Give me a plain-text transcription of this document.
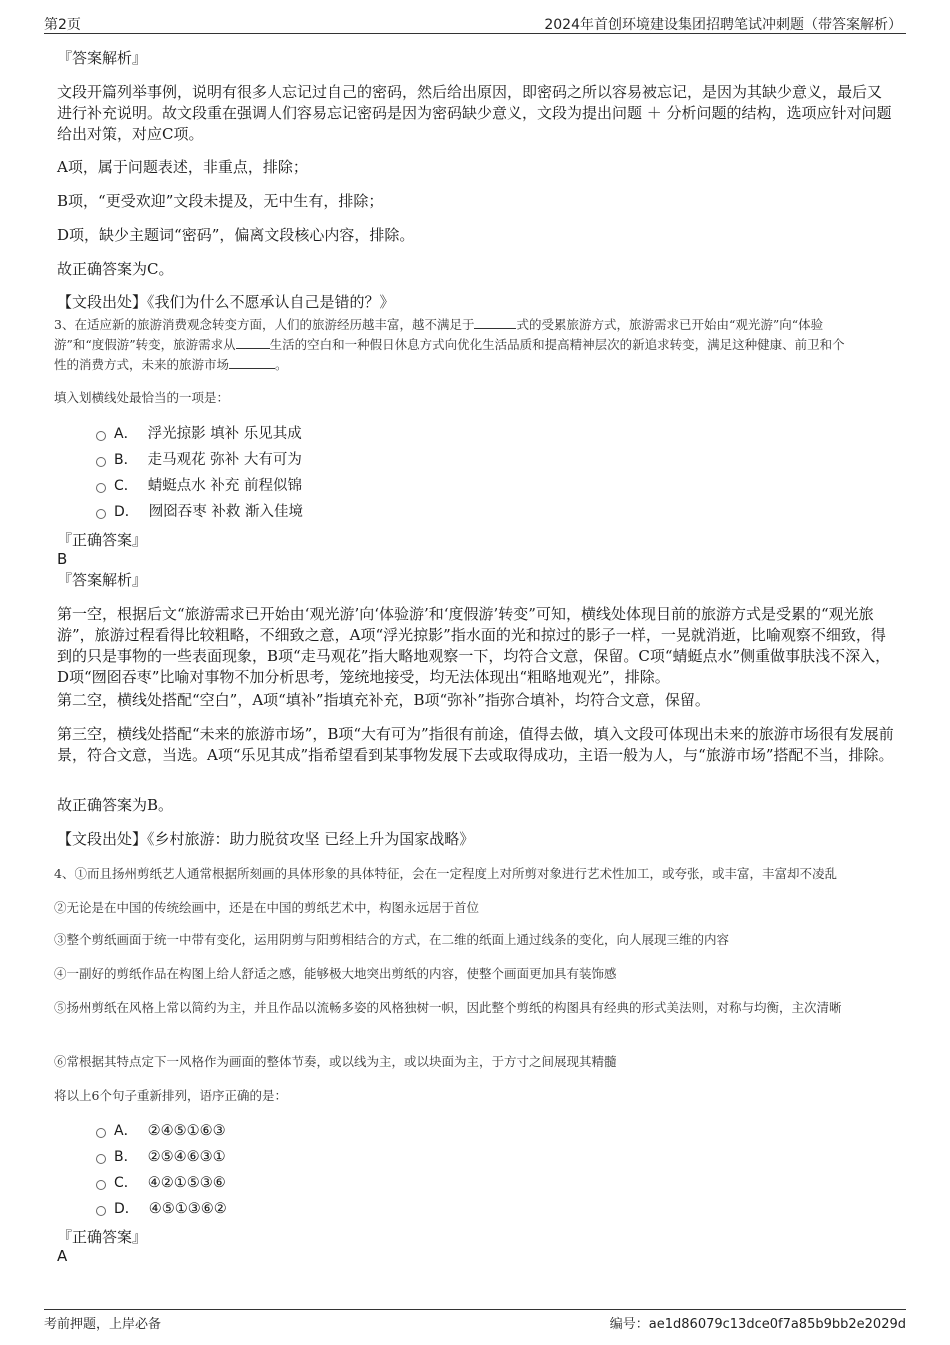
第2页	2024年首创环境建设集团招聘笔试冲刺题（带答案解析）
『答案解析』
文段开篇列举事例，说明有很多人忘记过自己的密码，然后给出原因，即密码之所以容易被忘记，是因为其缺少意义，最后又进行补充说明。故文段重在强调人们容易忘记密码是因为密码缺少意义，文段为提出问题 ＋ 分析问题的结构，选项应针对问题给出对策，对应C项。
A项，属于问题表述，非重点，排除；
B项，“更受欢迎”文段未提及，无中生有，排除；
D项，缺少主题词“密码”，偏离文段核心内容，排除。
故正确答案为C。
【文段出处】《我们为什么不愿承认自己是错的？》
3、在适应新的旅游消费观念转变方面，人们的旅游经历越丰富，越不满足于	式的受累旅游方式，旅游需求已开始由“观光游”向“体验
游”和“度假游”转变，旅游需求从	生活的空白和一种假日休息方式向优化生活品质和提高精神层次的新追求转变，满足这种健康、前卫和个
性的消费方式，未来的旅游市场	。
填入划横线处最恰当的一项是：
A． 浮光掠影 填补 乐见其成
B． 走马观花 弥补 大有可为
C． 蜻蜓点水 补充 前程似锦
D． 囫囵吞枣 补救 渐入佳境
『正确答案』
B
『答案解析』
第一空，根据后文“旅游需求已开始由‘观光游’向‘体验游’和‘度假游’转变”可知，横线处体现目前的旅游方式是受累的“观光旅游”，旅游过程看得比较粗略，不细致之意，A项“浮光掠影”指水面的光和掠过的影子一样，一晃就消逝，比喻观察不细致，得到的只是事物的一些表面现象，B项“走马观花”指大略地观察一下，均符合文意，保留。C项“蜻蜓点水”侧重做事肤浅不深入，D项“囫囵吞枣”比喻对事物不加分析思考，笼统地接受，均无法体现出“粗略地观光”，排除。
第二空，横线处搭配“空白”，A项“填补”指填充补充，B项“弥补”指弥合填补，均符合文意，保留。
第三空，横线处搭配“未来的旅游市场”，B项“大有可为”指很有前途，值得去做，填入文段可体现出未来的旅游市场很有发展前景，符合文意，当选。A项“乐见其成”指希望看到某事物发展下去或取得成功，主语一般为人，与“旅游市场”搭配不当，排除。
故正确答案为B。
【文段出处】《乡村旅游：助力脱贫攻坚 已经上升为国家战略》
4、①而且扬州剪纸艺人通常根据所刻画的具体形象的具体特征，会在一定程度上对所剪对象进行艺术性加工，或夸张，或丰富，丰富却不凌乱
②无论是在中国的传统绘画中，还是在中国的剪纸艺术中，构图永远居于首位
③整个剪纸画面于统一中带有变化，运用阴剪与阳剪相结合的方式，在二维的纸面上通过线条的变化，向人展现三维的内容
④一副好的剪纸作品在构图上给人舒适之感，能够极大地突出剪纸的内容，使整个画面更加具有装饰感
⑤扬州剪纸在风格上常以简约为主，并且作品以流畅多姿的风格独树一帜，因此整个剪纸的构图具有经典的形式美法则，对称与均衡，主次清晰
⑥常根据其特点定下一风格作为画面的整体节奏，或以线为主，或以块面为主，于方寸之间展现其精髓
将以上6个句子重新排列，语序正确的是：
A． ②④⑤①⑥③
B． ②⑤④⑥③①
C． ④②①⑤③⑥
D． ④⑤①③⑥②
『正确答案』
A
考前押题，上岸必备	编号：ae1d86079c13dce0f7a85b9bb2e2029d
